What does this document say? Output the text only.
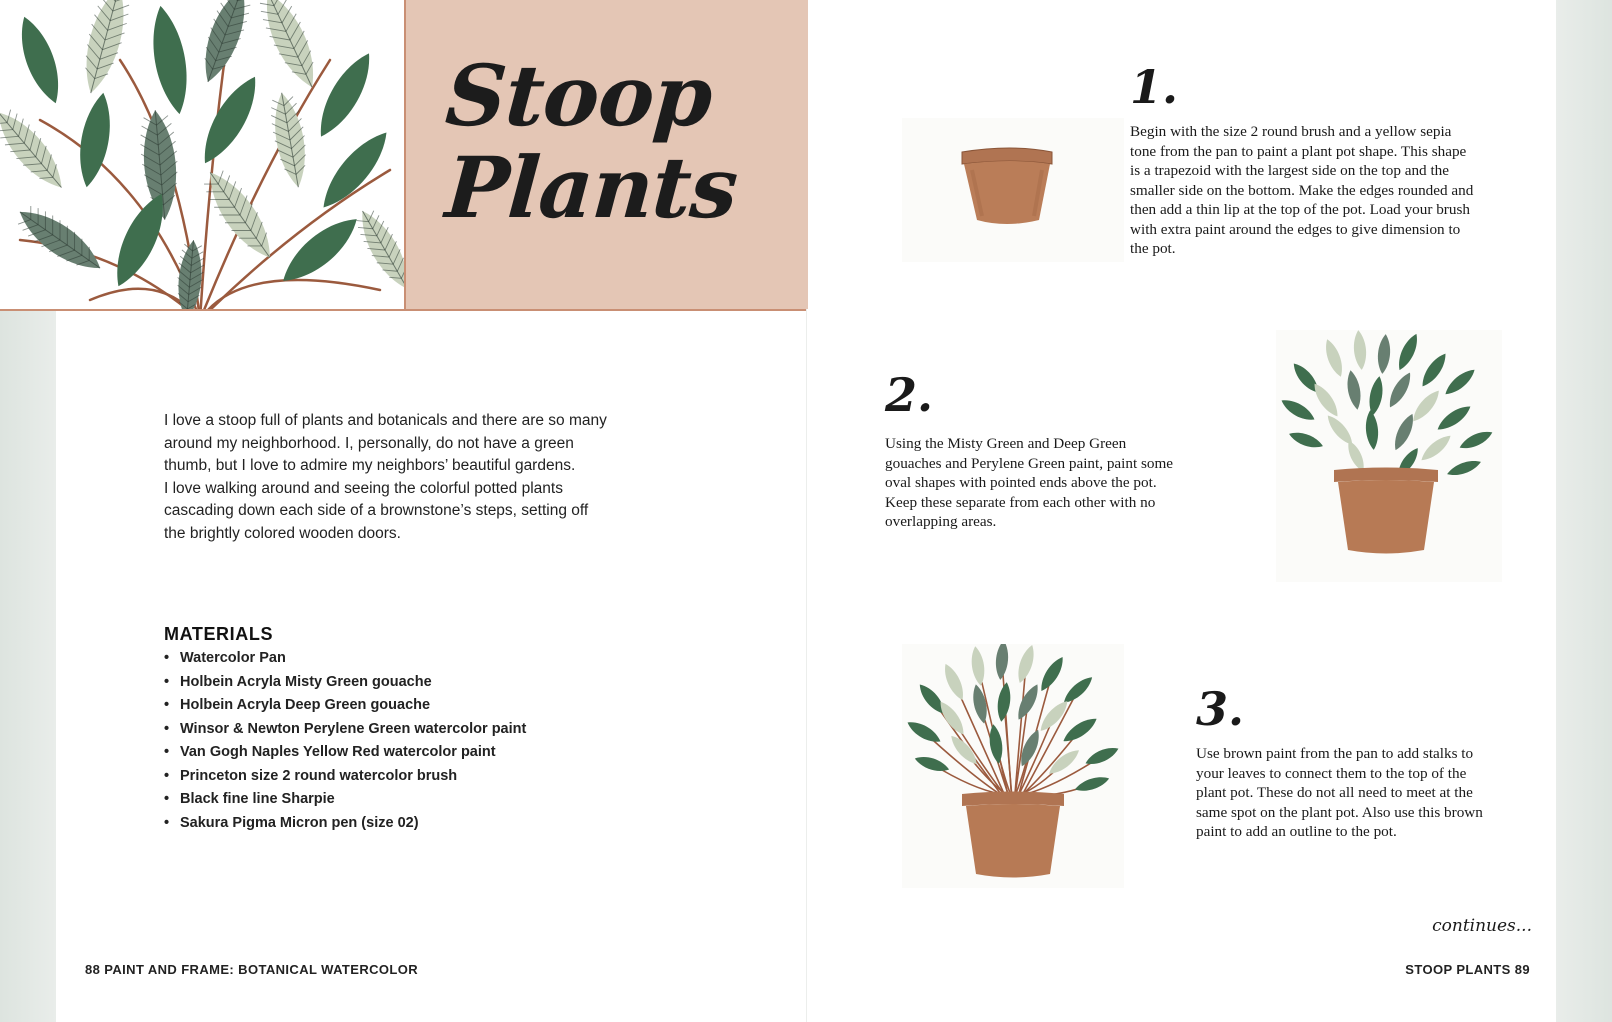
Stoop

Plants

I love a stoop full of plants and botanicals and there are so many
around my neighborhood. I, personally, do not have a green
thumb, but I love to admire my neighbors’ beautiful gardens.
I love walking around and seeing the colorful potted plants
cascading down each side of a brownstone’s steps, setting off
the brightly colored wooden doors.

MATERIALS

• Watercolor Pan
• Holbein Acryla Misty Green gouache
• Holbein Acryla Deep Green gouache
• Winsor & Newton Perylene Green watercolor paint
• Van Gogh Naples Yellow Red watercolor paint
• Princeton size 2 round watercolor brush
• Black fine line Sharpie
• Sakura Pigma Micron pen (size 02)

88 PAINT AND FRAME: BOTANICAL WATERCOLOR

1.

Begin with the size 2 round brush and a yellow sepia
tone from the pan to paint a plant pot shape. This shape
is a trapezoid with the largest side on the top and the
smaller side on the bottom. Make the edges rounded and
then add a thin lip at the top of the pot. Load your brush
with extra paint around the edges to give dimension to
the pot.

2.

Using the Misty Green and Deep Green
gouaches and Perylene Green paint, paint some
oval shapes with pointed ends above the pot.
Keep these separate from each other with no
overlapping areas.

3.

Use brown paint from the pan to add stalks to
your leaves to connect them to the top of the
plant pot. These do not all need to meet at the
same spot on the plant pot. Also use this brown
paint to add an outline to the pot.

continues...

STOOP PLANTS 89
